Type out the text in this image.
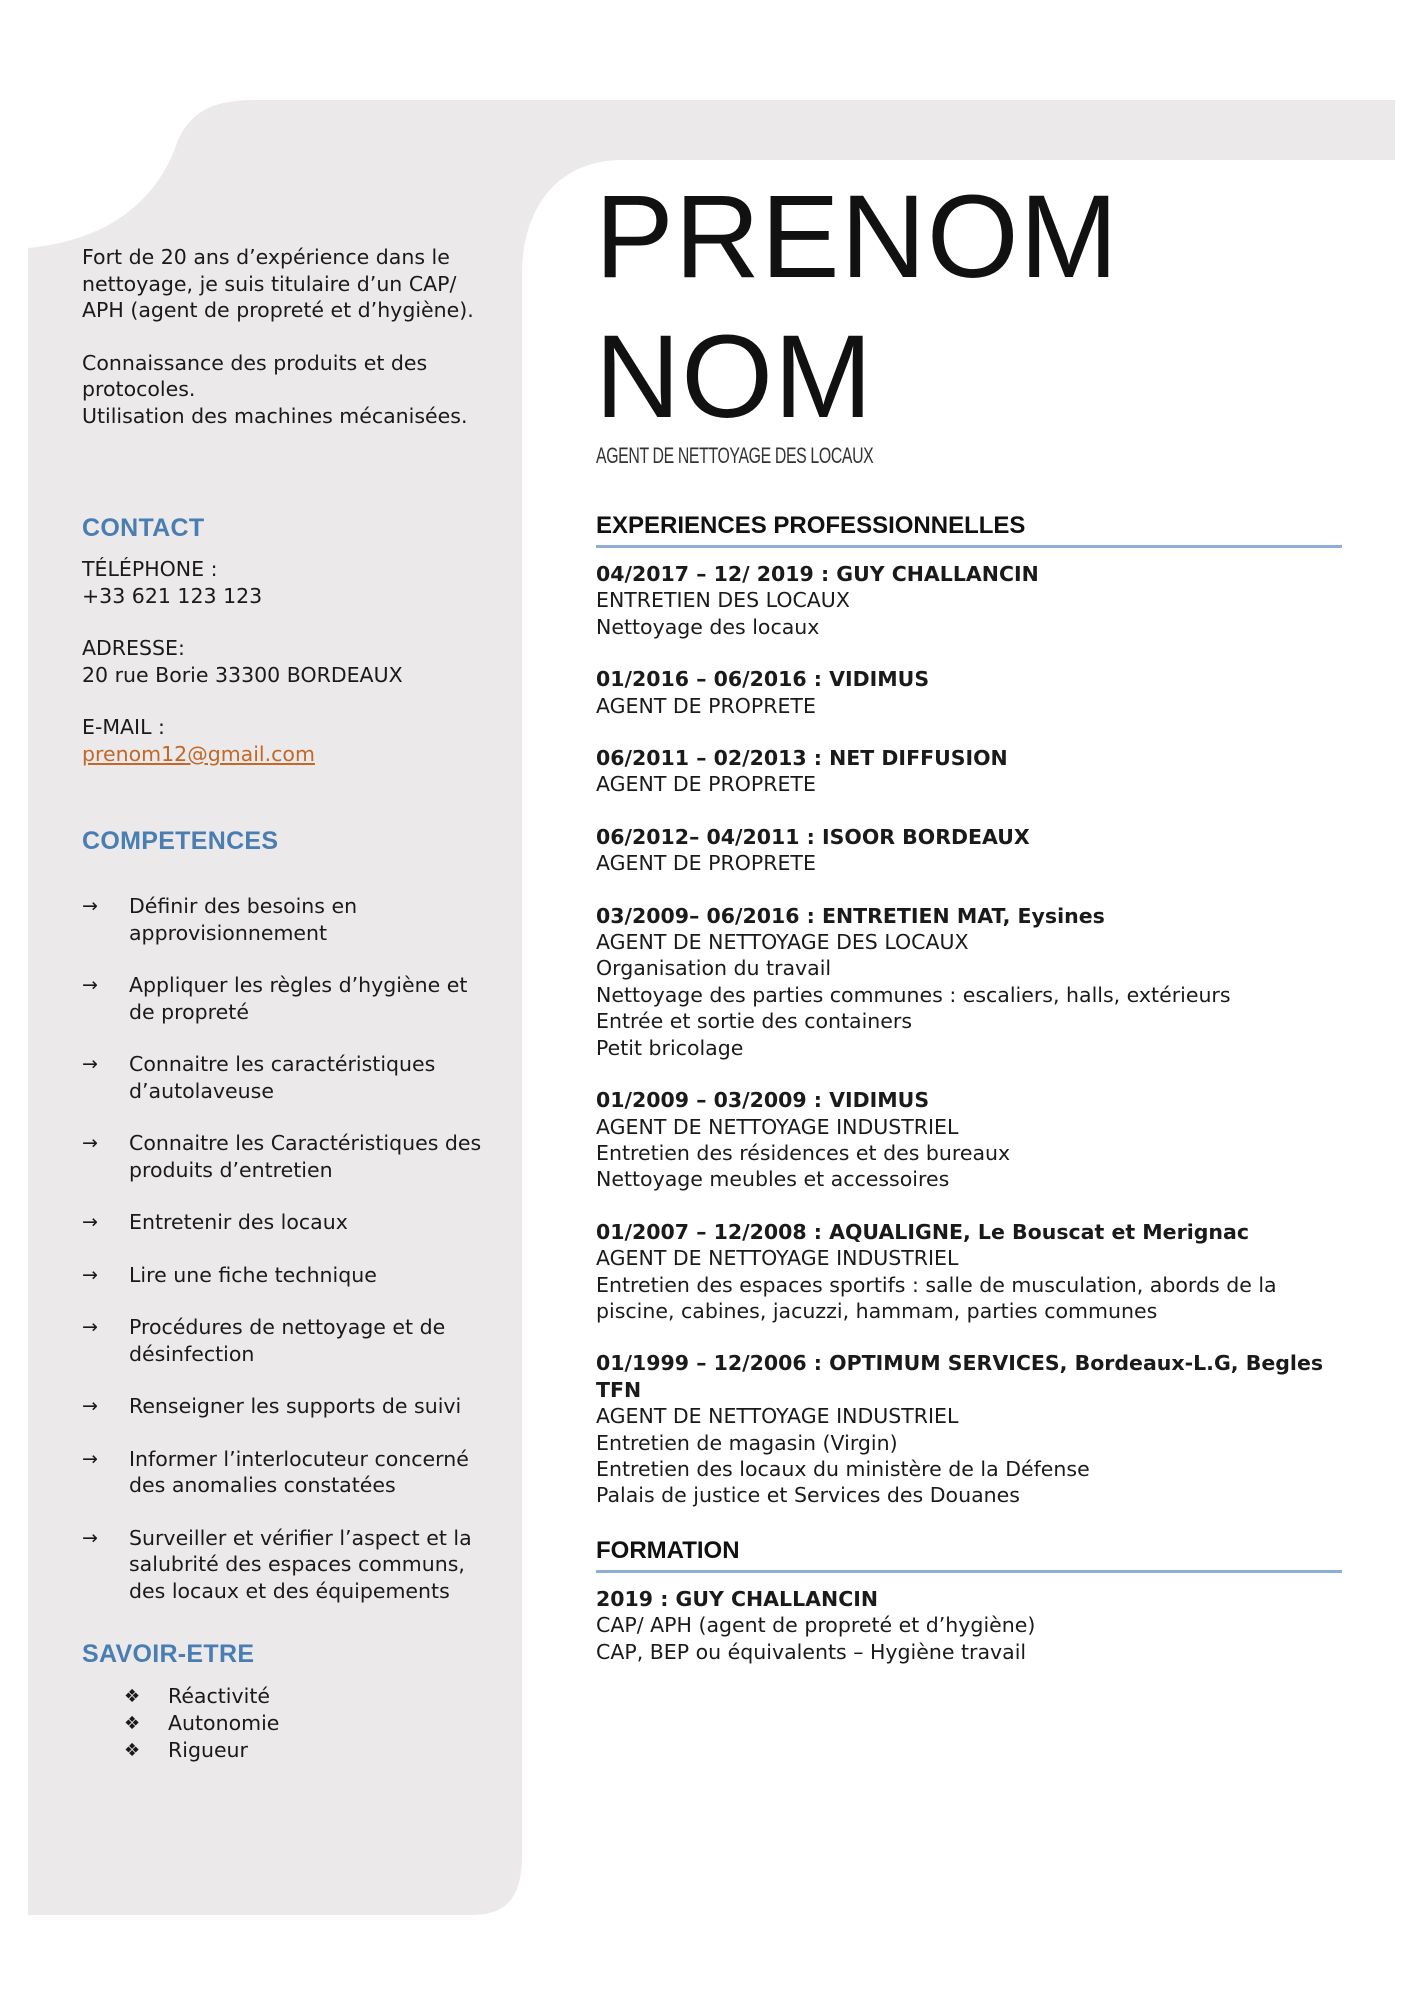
Fort de 20 ans d’expérience dans le nettoyage, je suis titulaire d’un CAP/ APH (agent de propreté et d’hygiène).

Connaissance des produits et des protocoles.
Utilisation des machines mécanisées.

CONTACT
TÉLÉPHONE :
+33 621 123 123
ADRESSE:
20 rue Borie 33300 BORDEAUX
E-MAIL :
prenom12@gmail.com
COMPETENCES
→ Définir des besoins en approvisionnement
→ Appliquer les règles d’hygiène et de propreté
→ Connaitre les caractéristiques d’autolaveuse
→ Connaitre les Caractéristiques des produits d’entretien
→ Entretenir des locaux
→ Lire une fiche technique
→ Procédures de nettoyage et de désinfection
→ Renseigner les supports de suivi
→ Informer l’interlocuteur concerné des anomalies constatées
→ Surveiller et vérifier l’aspect et la salubrité des espaces communs, des locaux et des équipements
SAVOIR-ETRE
❖ Réactivité
❖ Autonomie
❖ Rigueur
PRENOM
NOM
AGENT DE NETTOYAGE DES LOCAUX
EXPERIENCES PROFESSIONNELLES
04/2017 – 12/ 2019 : GUY CHALLANCIN
ENTRETIEN DES LOCAUX
Nettoyage des locaux
01/2016 – 06/2016 : VIDIMUS
AGENT DE PROPRETE
06/2011 – 02/2013 : NET DIFFUSION
AGENT DE PROPRETE
06/2012– 04/2011 : ISOOR BORDEAUX
AGENT DE PROPRETE
03/2009– 06/2016 : ENTRETIEN MAT, Eysines
AGENT DE NETTOYAGE DES LOCAUX
Organisation du travail
Nettoyage des parties communes : escaliers, halls, extérieurs
Entrée et sortie des containers
Petit bricolage
01/2009 – 03/2009 : VIDIMUS
AGENT DE NETTOYAGE INDUSTRIEL
Entretien des résidences et des bureaux
Nettoyage meubles et accessoires
01/2007 – 12/2008 : AQUALIGNE, Le Bouscat et Merignac
AGENT DE NETTOYAGE INDUSTRIEL
Entretien des espaces sportifs : salle de musculation, abords de la piscine, cabines, jacuzzi, hammam, parties communes
01/1999 – 12/2006 : OPTIMUM SERVICES, Bordeaux-L.G, Begles TFN
AGENT DE NETTOYAGE INDUSTRIEL
Entretien de magasin (Virgin)
Entretien des locaux du ministère de la Défense
Palais de justice et Services des Douanes
FORMATION
2019 : GUY CHALLANCIN
CAP/ APH (agent de propreté et d’hygiène)
CAP, BEP ou équivalents – Hygiène travail
